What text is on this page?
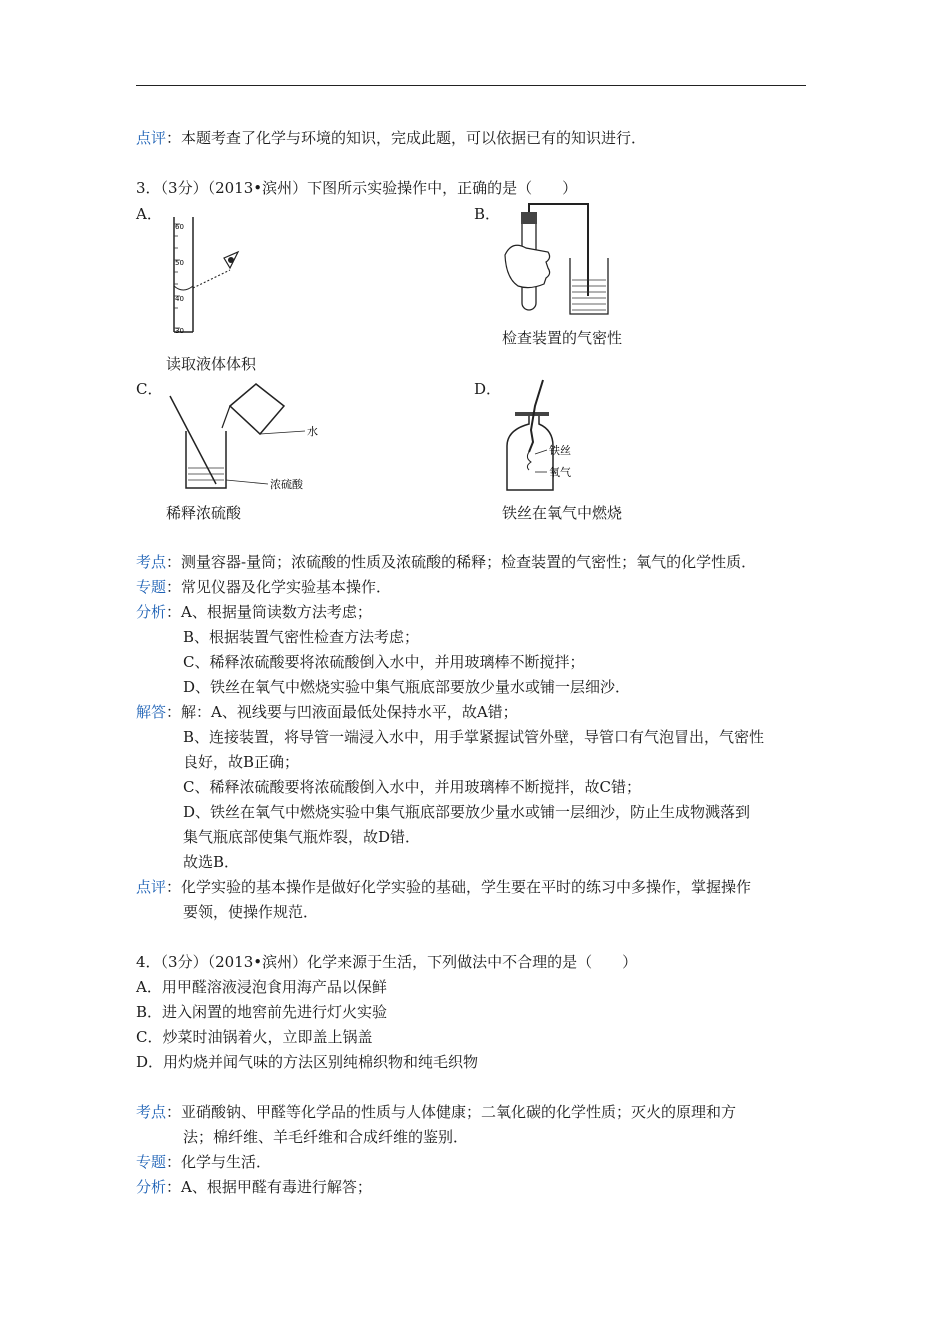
点评：本题考查了化学与环境的知识，完成此题，可以依据已有的知识进行．
3．（3分）（2013•滨州）下图所示实验操作中，正确的是（　　）
A．	B．
60
50
40
30	检查装置的气密性
读取液体体积
C．	D．
水
浓硫酸
铁丝
氧气
稀释浓硫酸	铁丝在氧气中燃烧
考点：测量容器-量筒；浓硫酸的性质及浓硫酸的稀释；检查装置的气密性；氧气的化学性质．
专题：常见仪器及化学实验基本操作．
分析：A、根据量筒读数方法考虑；
B、根据装置气密性检查方法考虑；
C、稀释浓硫酸要将浓硫酸倒入水中，并用玻璃棒不断搅拌；
D、铁丝在氧气中燃烧实验中集气瓶底部要放少量水或铺一层细沙．
解答：解：A、视线要与凹液面最低处保持水平，故A错；
B、连接装置，将导管一端浸入水中，用手掌紧握试管外壁，导管口有气泡冒出，气密性
良好，故B正确；
C、稀释浓硫酸要将浓硫酸倒入水中，并用玻璃棒不断搅拌，故C错；
D、铁丝在氧气中燃烧实验中集气瓶底部要放少量水或铺一层细沙，防止生成物溅落到
集气瓶底部使集气瓶炸裂，故D错．
故选B．
点评：化学实验的基本操作是做好化学实验的基础，学生要在平时的练习中多操作，掌握操作
要领，使操作规范．
4．（3分）（2013•滨州）化学来源于生活，下列做法中不合理的是（　　）
A．用甲醛溶液浸泡食用海产品以保鲜
B．进入闲置的地窖前先进行灯火实验
C．炒菜时油锅着火，立即盖上锅盖
D．用灼烧并闻气味的方法区别纯棉织物和纯毛织物
考点：亚硝酸钠、甲醛等化学品的性质与人体健康；二氧化碳的化学性质；灭火的原理和方
法；棉纤维、羊毛纤维和合成纤维的鉴别．
专题：化学与生活．
分析：A、根据甲醛有毒进行解答；
